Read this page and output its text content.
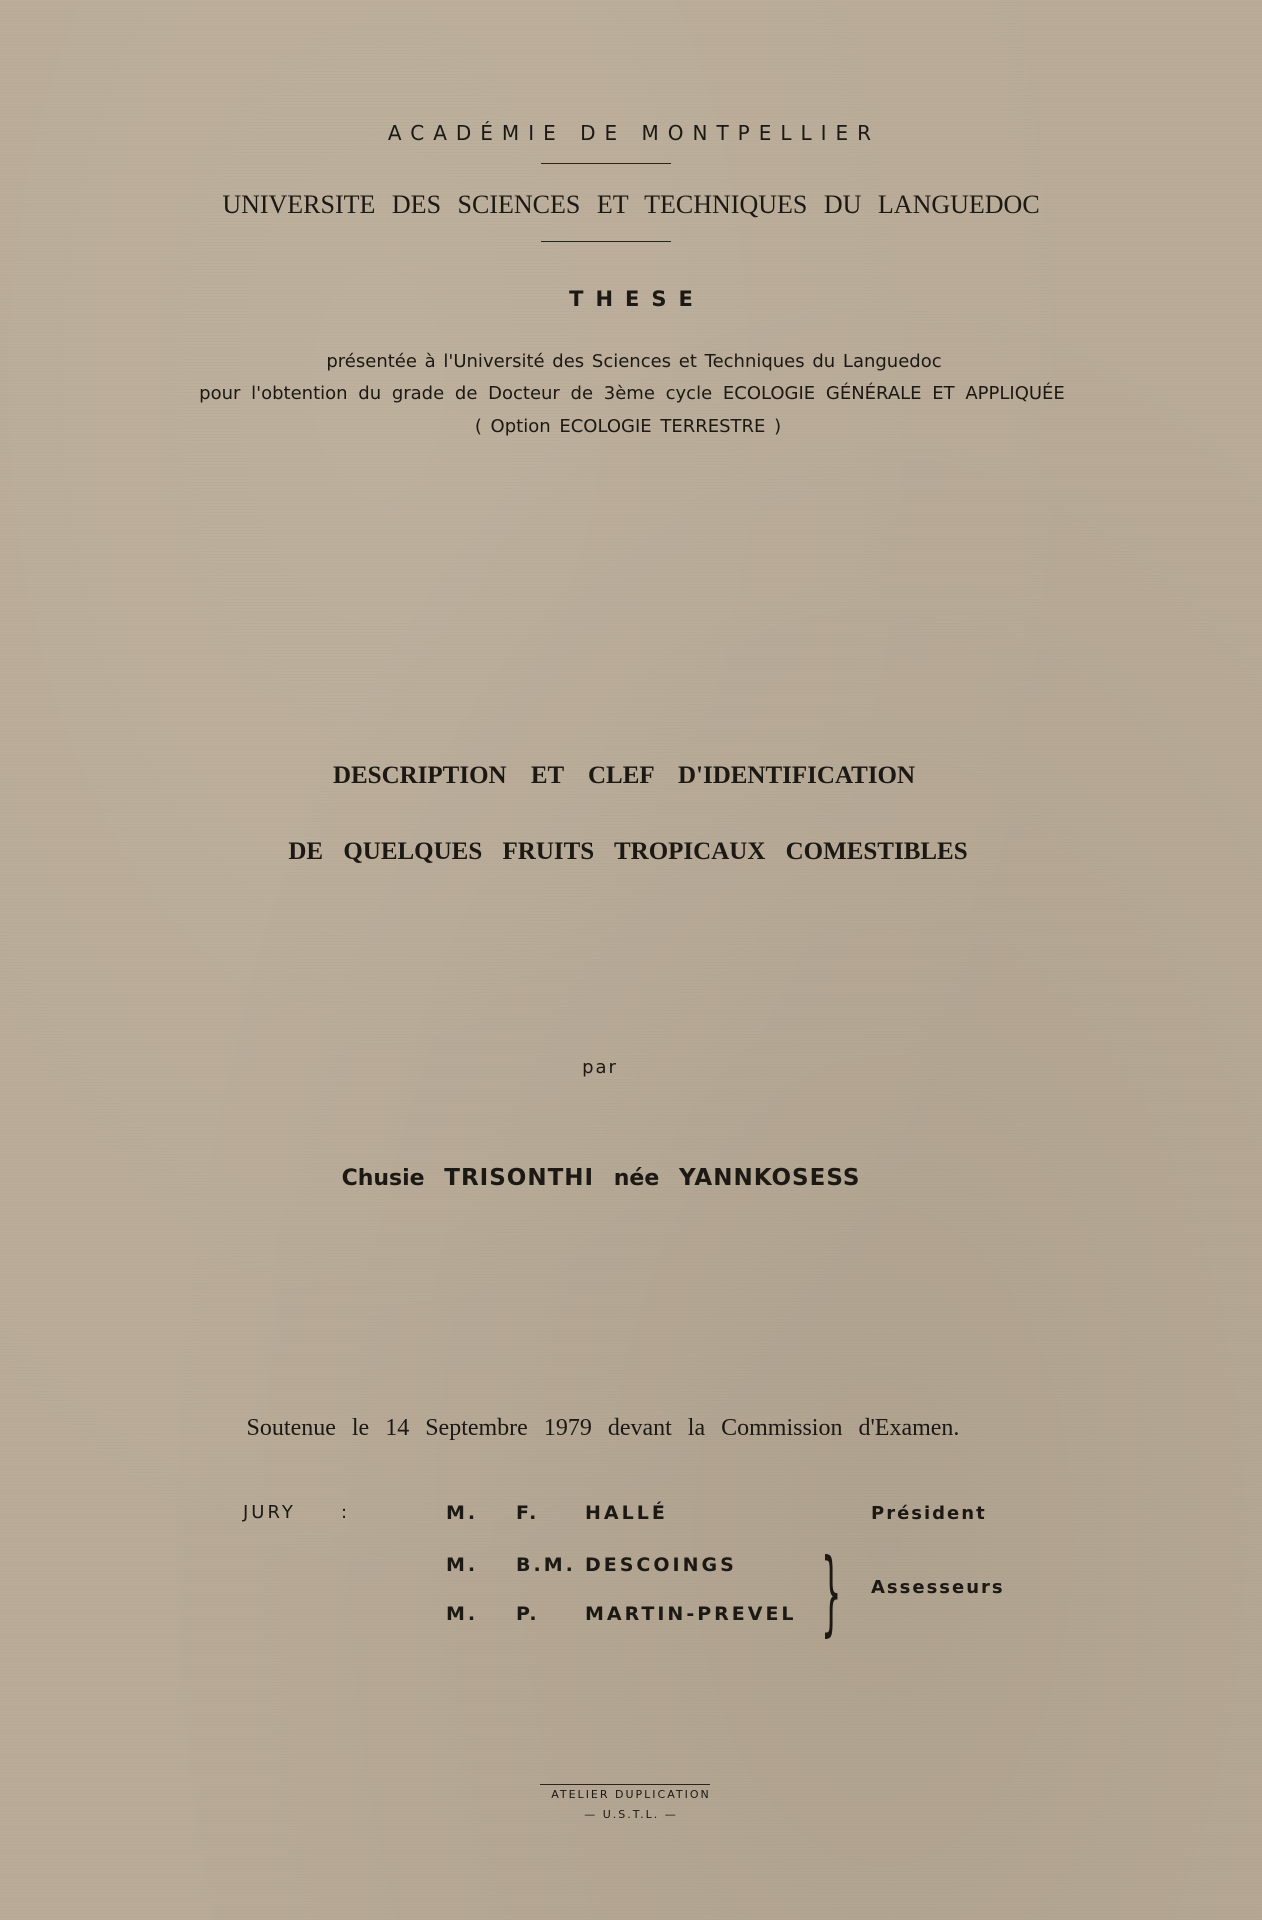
ACADÉMIE DE MONTPELLIER
UNIVERSITE DES SCIENCES ET TECHNIQUES DU LANGUEDOC
THESE
présentée à l'Université des Sciences et Techniques du Languedoc
pour l'obtention du grade de Docteur de 3ème cycle ECOLOGIE GÉNÉRALE ET APPLIQUÉE
( Option ECOLOGIE TERRESTRE )
DESCRIPTION ET CLEF D'IDENTIFICATION
DE QUELQUES FRUITS TROPICAUX COMESTIBLES
par
Chusie TRISONTHI née YANNKOSESS
Soutenue le 14 Septembre 1979 devant la Commission d'Examen.
JURY	:	M. F. HALLÉ
M. B.M. DESCOINGS
M. P. MARTIN-PREVEL }
Président
Assesseurs
ATELIER DUPLICATION
— U.S.T.L. —
